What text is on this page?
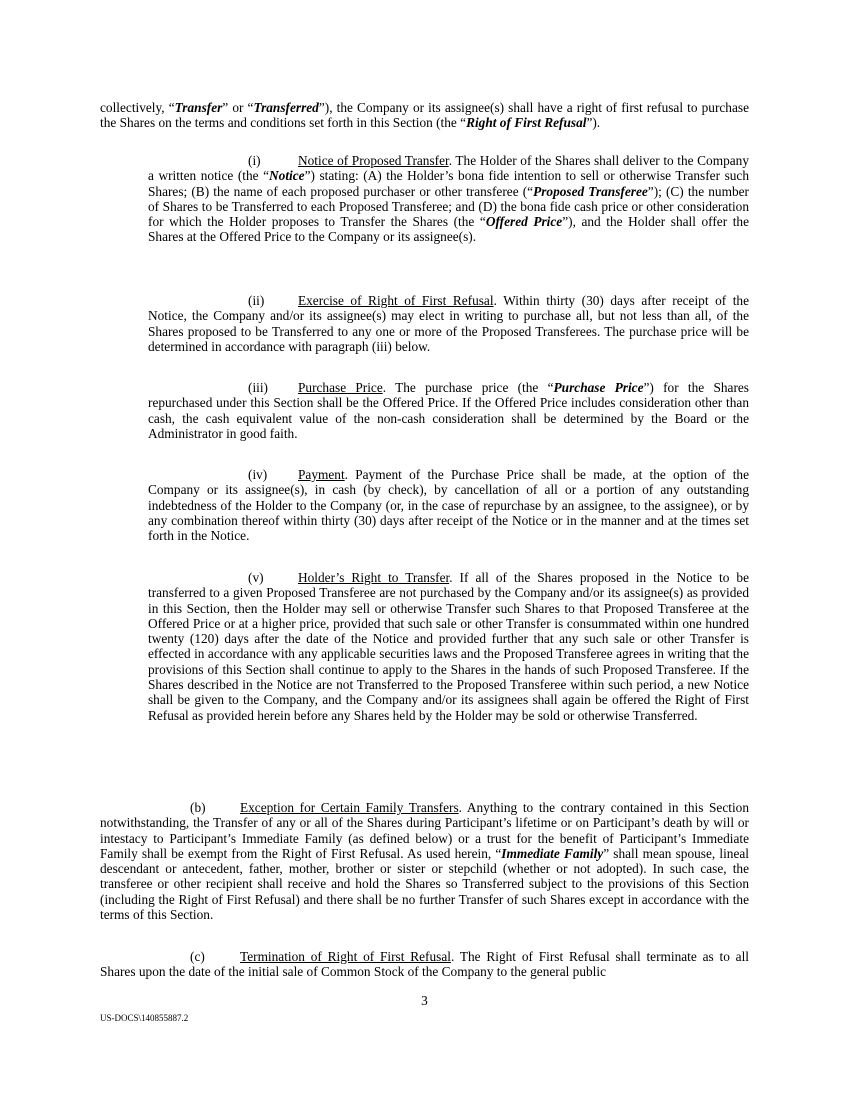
collectively, “Transfer” or “Transferred”), the Company or its assignee(s) shall have a right of first refusal to purchase the Shares on the terms and conditions set forth in this Section (the “Right of First Refusal”).

(i)	Notice of Proposed Transfer. The Holder of the Shares shall deliver to the Company a written notice (the “Notice”) stating: (A) the Holder’s bona fide intention to sell or otherwise Transfer such Shares; (B) the name of each proposed purchaser or other transferee (“Proposed Transferee”); (C) the number of Shares to be Transferred to each Proposed Transferee; and (D) the bona fide cash price or other consideration for which the Holder proposes to Transfer the Shares (the “Offered Price”), and the Holder shall offer the Shares at the Offered Price to the Company or its assignee(s).

(ii)	Exercise of Right of First Refusal. Within thirty (30) days after receipt of the Notice, the Company and/or its assignee(s) may elect in writing to purchase all, but not less than all, of the Shares proposed to be Transferred to any one or more of the Proposed Transferees. The purchase price will be determined in accordance with paragraph (iii) below.

(iii) Purchase Price. The purchase price (the “Purchase Price”) for the Shares repurchased under this Section shall be the Offered Price. If the Offered Price includes consideration other than cash, the cash equivalent value of the non-cash consideration shall be determined by the Board or the Administrator in good faith.

(iv) Payment. Payment of the Purchase Price shall be made, at the option of the Company or its assignee(s), in cash (by check), by cancellation of all or a portion of any outstanding indebtedness of the Holder to the Company (or, in the case of repurchase by an assignee, to the assignee), or by any combination thereof within thirty (30) days after receipt of the Notice or in the manner and at the times set forth in the Notice.

(v)	Holder’s Right to Transfer. If all of the Shares proposed in the Notice to be transferred to a given Proposed Transferee are not purchased by the Company and/or its assignee(s) as provided in this Section, then the Holder may sell or otherwise Transfer such Shares to that Proposed Transferee at the Offered Price or at a higher price, provided that such sale or other Transfer is consummated within one hundred twenty (120) days after the date of the Notice and provided further that any such sale or other Transfer is effected in accordance with any applicable securities laws and the Proposed Transferee agrees in writing that the provisions of this Section shall continue to apply to the Shares in the hands of such Proposed Transferee. If the Shares described in the Notice are not Transferred to the Proposed Transferee within such period, a new Notice shall be given to the Company, and the Company and/or its assignees shall again be offered the Right of First Refusal as provided herein before any Shares held by the Holder may be sold or otherwise Transferred.

(b)	Exception for Certain Family Transfers. Anything to the contrary contained in this Section notwithstanding, the Transfer of any or all of the Shares during Participant’s lifetime or on Participant’s death by will or intestacy to Participant’s Immediate Family (as defined below) or a trust for the benefit of Participant’s Immediate Family shall be exempt from the Right of First Refusal. As used herein, “Immediate Family” shall mean spouse, lineal descendant or antecedent, father, mother, brother or sister or stepchild (whether or not adopted). In such case, the transferee or other recipient shall receive and hold the Shares so Transferred subject to the provisions of this Section (including the Right of First Refusal) and there shall be no further Transfer of such Shares except in accordance with the terms of this Section.

(c)	Termination of Right of First Refusal. The Right of First Refusal shall terminate as to all Shares upon the date of the initial sale of Common Stock of the Company to the general public

3
US-DOCS\140855887.2
